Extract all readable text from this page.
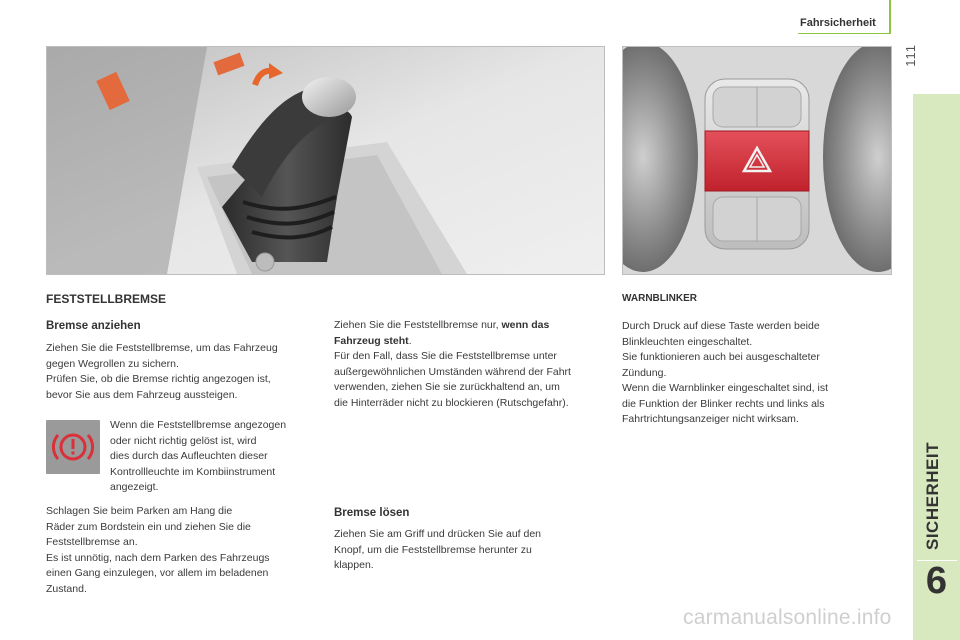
Fahrsicherheit
111
SICHERHEIT
6
FESTSTELLBREMSE
Bremse anziehen
Ziehen Sie die Feststellbremse, um das Fahrzeug
gegen Wegrollen zu sichern.
Prüfen Sie, ob die Bremse richtig angezogen ist,
bevor Sie aus dem Fahrzeug aussteigen.
Wenn die Feststellbremse angezogen
oder nicht richtig gelöst ist, wird
dies durch das Aufleuchten dieser
Kontrollleuchte im Kombiinstrument
angezeigt.
Schlagen Sie beim Parken am Hang die
Räder zum Bordstein ein und ziehen Sie die
Feststellbremse an.
Es ist unnötig, nach dem Parken des Fahrzeugs
einen Gang einzulegen, vor allem im beladenen
Zustand.
Ziehen Sie die Feststellbremse nur, wenn das
Fahrzeug steht.
Für den Fall, dass Sie die Feststellbremse unter
außergewöhnlichen Umständen während der Fahrt
verwenden, ziehen Sie sie zurückhaltend an, um
die Hinterräder nicht zu blockieren (Rutschgefahr).
Bremse lösen
Ziehen Sie am Griff und drücken Sie auf den
Knopf, um die Feststellbremse herunter zu
klappen.
WARNBLINKER
Durch Druck auf diese Taste werden beide
Blinkleuchten eingeschaltet.
Sie funktionieren auch bei ausgeschalteter
Zündung.
Wenn die Warnblinker eingeschaltet sind, ist
die Funktion der Blinker rechts und links als
Fahrtrichtungsanzeiger nicht wirksam.
carmanualsonline.info
